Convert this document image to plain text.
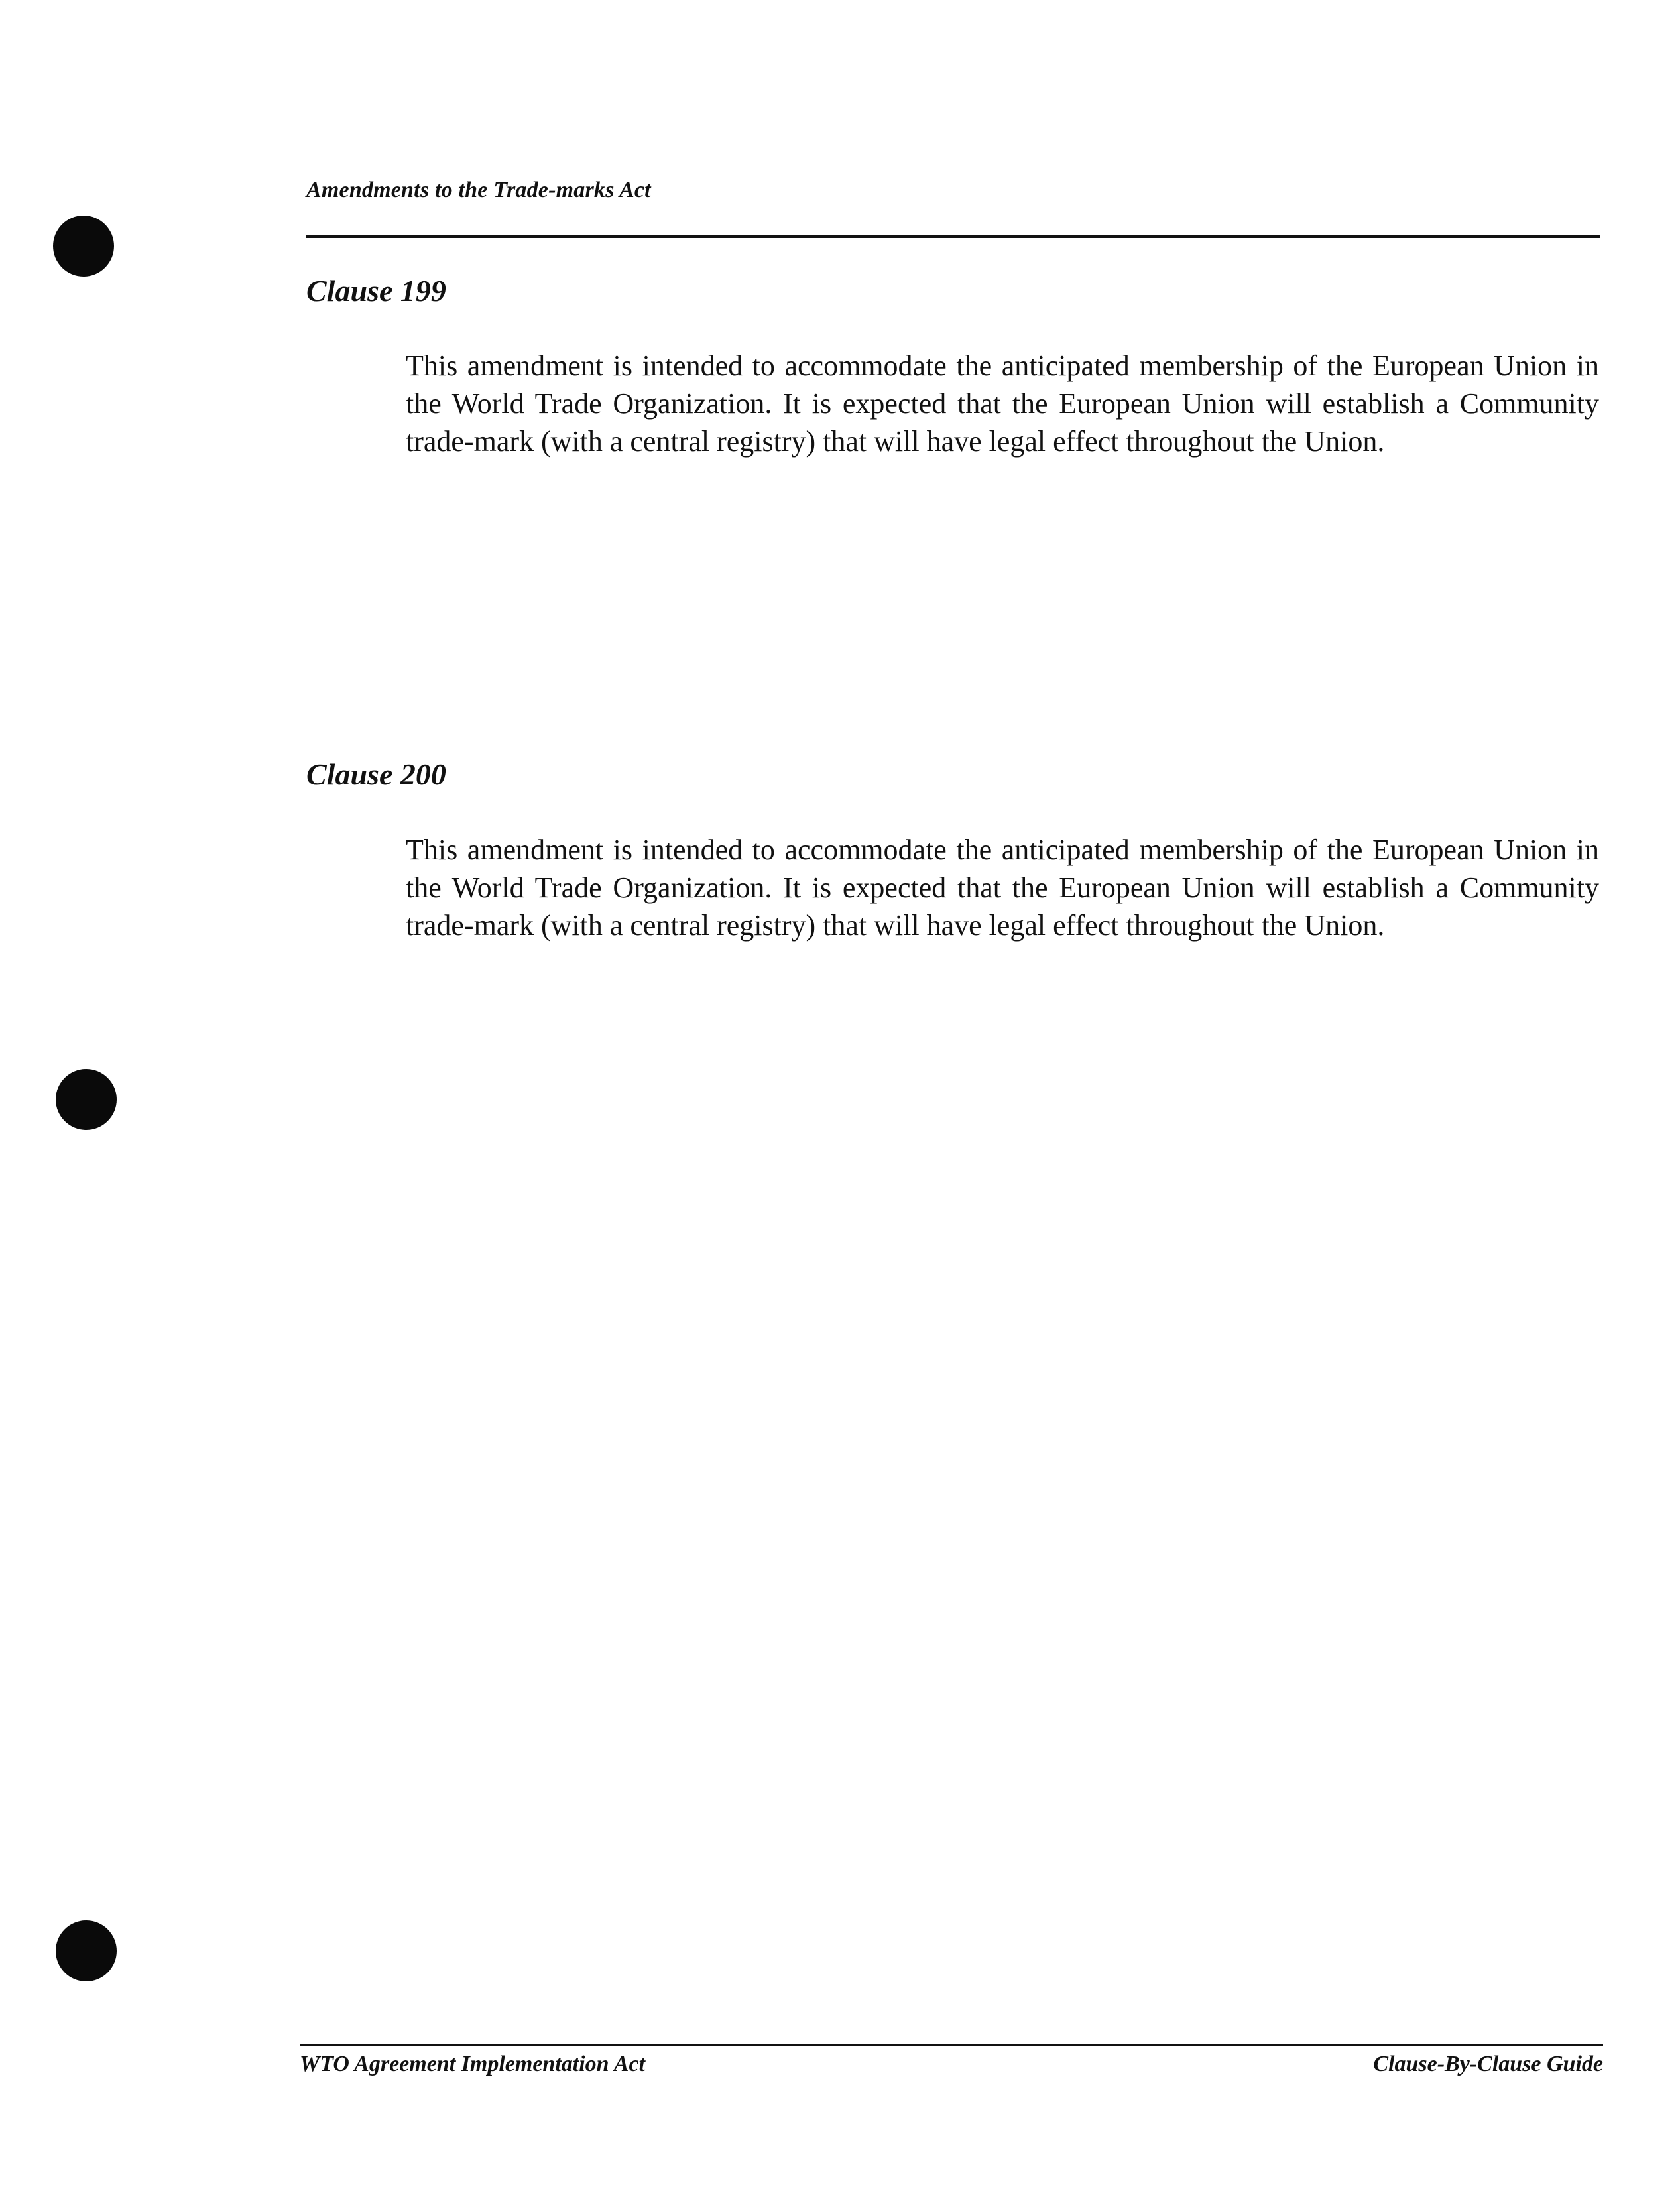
Amendments to the Trade-marks Act
Clause 199
This amendment is intended to accommodate the anticipated membership of the European Union in the World Trade Organization. It is expected that the European Union will establish a Community trade-mark (with a central registry) that will have legal effect throughout the Union.
Clause 200
This amendment is intended to accommodate the anticipated membership of the European Union in the World Trade Organization. It is expected that the European Union will establish a Community trade-mark (with a central registry) that will have legal effect throughout the Union.
WTO Agreement Implementation Act	Clause-By-Clause Guide
